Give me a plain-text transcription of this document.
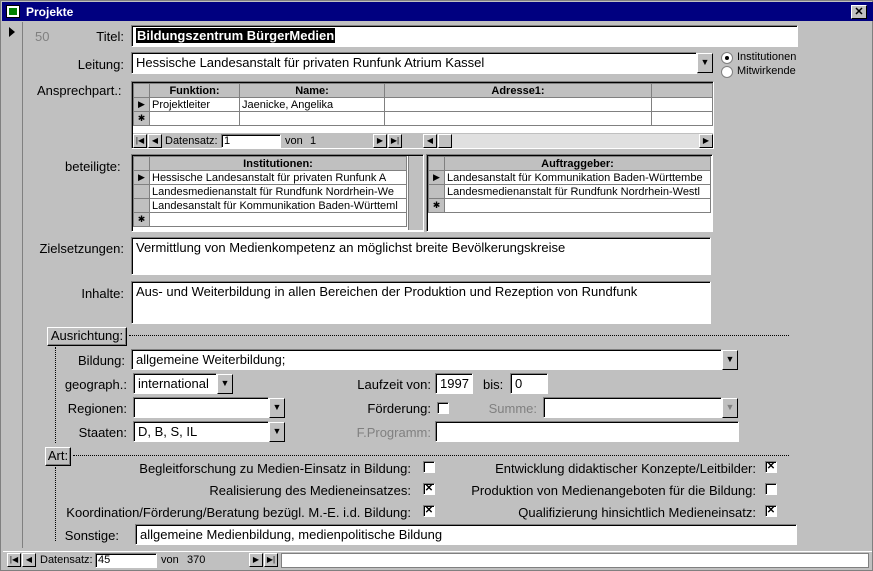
Projekte	✕
50	Titel:	Bildungszentrum BürgerMedien
Leitung: Hessische Landesanstalt für privaten Runfunk Atrium Kassel	▼	Institutionen
Mitwirkende
Ansprechpart.:
		Funktion:	Name:	Adresse1:	
▶	Projektleiter	Jaenicke, Angelika		
✱				
|◀ ◀ Datensatz: 1	von 1	▶ ▶|	◀	▶
beteiligte:
		Institutionen:
▶	Hessische Landesanstalt für privaten Runfunk A
	Landesmedienanstalt für Rundfunk Nordrhein-We
	Landesanstalt für Kommunikation Baden-Württeml
✱	
	Auftraggeber:
▶	Landesanstalt für Kommunikation Baden-Württembe
	Landesmedienanstalt für Rundfunk Nordrhein-Westl
✱	
Zielsetzungen: Vermittlung von Medienkompetenz an möglichst breite Bevölkerungskreise
Inhalte: Aus- und Weiterbildung in allen Bereichen der Produktion und Rezeption von Rundfunk
Ausrichtung:
Bildung: allgemeine Weiterbildung;	▼
geograph.: international	▼	Laufzeit von: 1997	bis: 0
Regionen:	▼	Förderung:	Summe:	▼
Staaten: D, B, S, IL	▼	F.Programm:
Art:
Begleitforschung zu Medien-Einsatz in Bildung:	Entwicklung didaktischer Konzepte/Leitbilder: ✕
Realisierung des Medieneinsatzes: ✕	Produktion von Medienangeboten für die Bildung:
Koordination/Förderung/Beratung bezügl. M.-E. i.d. Bildung: ✕	Qualifizierung hinsichtlich Medieneinsatz: ✕
Sonstige:	allgemeine Medienbildung, medienpolitische Bildung
|◀ ◀ Datensatz: 45	von 370	▶ ▶|
